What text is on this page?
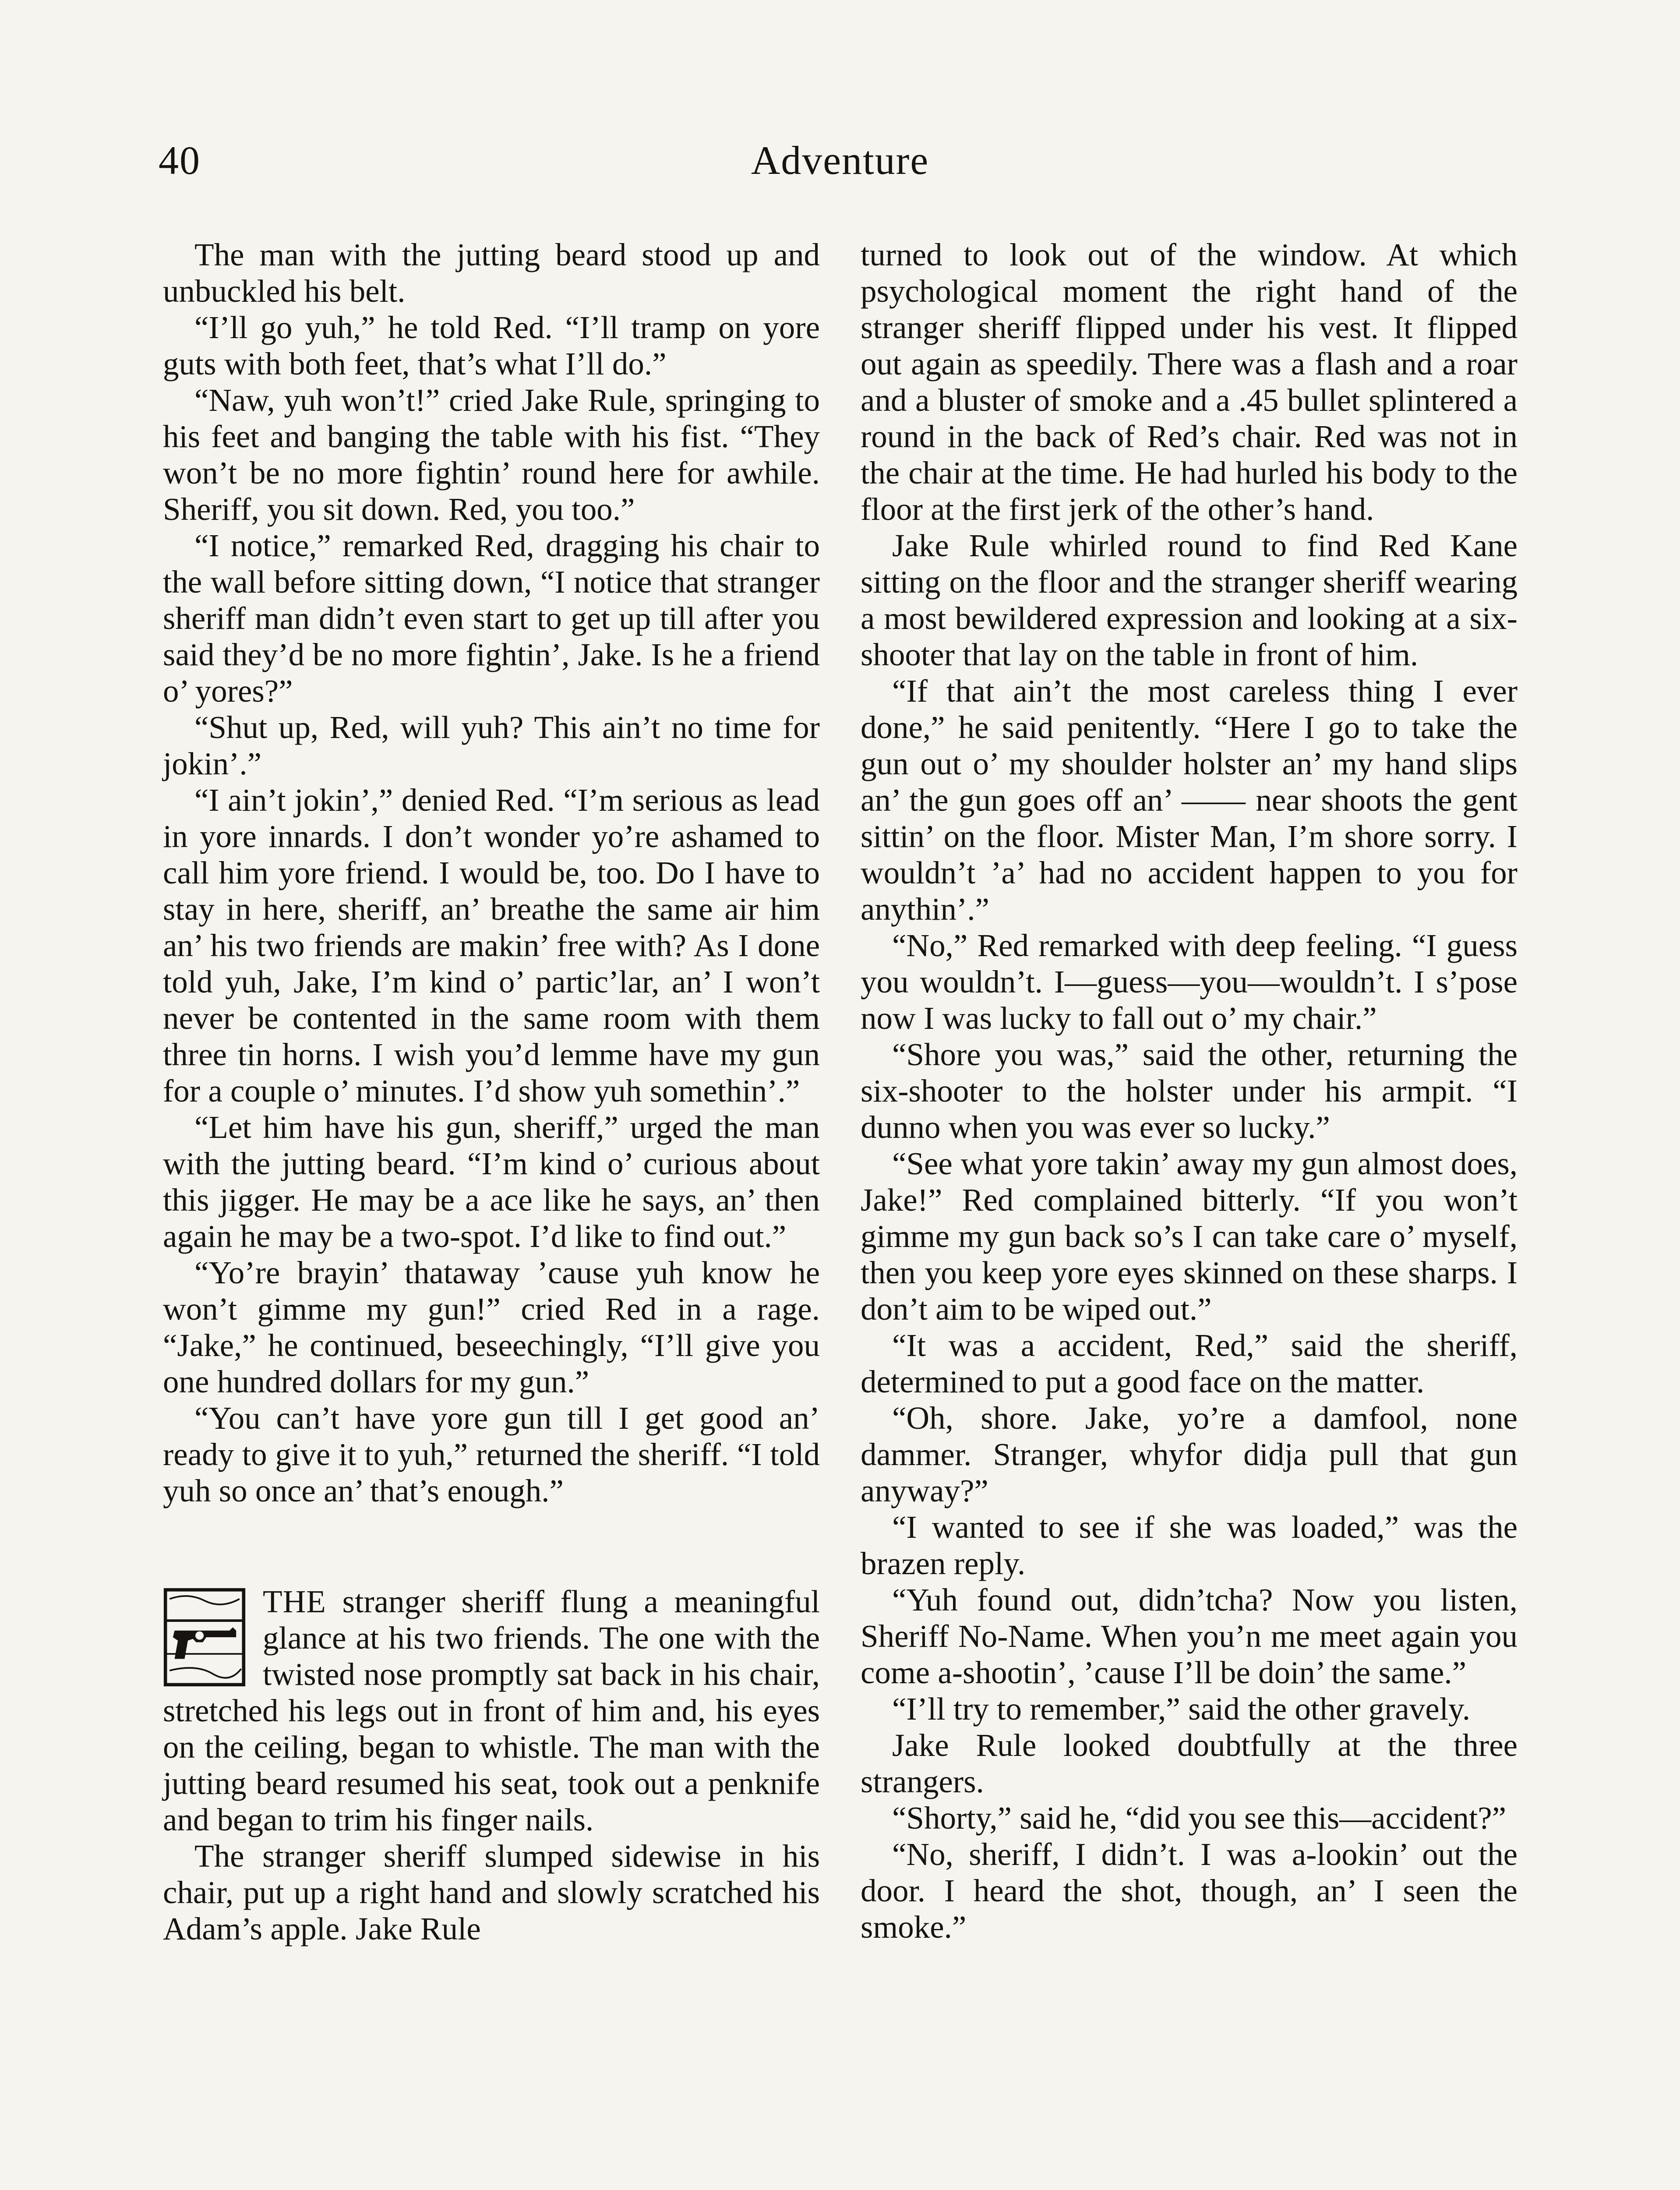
40	Adventure

The man with the jutting beard stood up and unbuckled his belt.

“I’ll go yuh,” he told Red. “I’ll tramp on yore guts with both feet, that’s what I’ll do.”

“Naw, yuh won’t!” cried Jake Rule, springing to his feet and banging the table with his fist. “They won’t be no more fightin’ round here for awhile. Sheriff, you sit down. Red, you too.”

“I notice,” remarked Red, dragging his chair to the wall before sitting down, “I notice that stranger sheriff man didn’t even start to get up till after you said they’d be no more fightin’, Jake. Is he a friend o’ yores?”

“Shut up, Red, will yuh? This ain’t no time for jokin’.”

“I ain’t jokin’,” denied Red. “I’m serious as lead in yore innards. I don’t wonder yo’re ashamed to call him yore friend. I would be, too. Do I have to stay in here, sheriff, an’ breathe the same air him an’ his two friends are makin’ free with? As I done told yuh, Jake, I’m kind o’ partic’lar, an’ I won’t never be contented in the same room with them three tin horns. I wish you’d lemme have my gun for a couple o’ minutes. I’d show yuh somethin’.”

“Let him have his gun, sheriff,” urged the man with the jutting beard. “I’m kind o’ curious about this jigger. He may be a ace like he says, an’ then again he may be a two-spot. I’d like to find out.”

“Yo’re brayin’ thataway ’cause yuh know he won’t gimme my gun!” cried Red in a rage. “Jake,” he continued, beseechingly, “I’ll give you one hundred dollars for my gun.”

“You can’t have yore gun till I get good an’ ready to give it to yuh,” returned the sheriff. “I told yuh so once an’ that’s enough.”

THE stranger sheriff flung a meaningful glance at his two friends. The one with the twisted nose promptly sat back in his chair, stretched his legs out in front of him and, his eyes on the ceiling, began to whistle. The man with the jutting beard resumed his seat, took out a penknife and began to trim his finger nails.

The stranger sheriff slumped sidewise in his chair, put up a right hand and slowly scratched his Adam’s apple. Jake Rule

turned to look out of the window. At which psychological moment the right hand of the stranger sheriff flipped under his vest. It flipped out again as speedily. There was a flash and a roar and a bluster of smoke and a .45 bullet splintered a round in the back of Red’s chair. Red was not in the chair at the time. He had hurled his body to the floor at the first jerk of the other’s hand.

Jake Rule whirled round to find Red Kane sitting on the floor and the stranger sheriff wearing a most bewildered expression and looking at a six-shooter that lay on the table in front of him.

“If that ain’t the most careless thing I ever done,” he said penitently. “Here I go to take the gun out o’ my shoulder holster an’ my hand slips an’ the gun goes off an’ —— near shoots the gent sittin’ on the floor. Mister Man, I’m shore sorry. I wouldn’t ’a’ had no accident happen to you for anythin’.”

“No,” Red remarked with deep feeling. “I guess you wouldn’t. I—guess—you—wouldn’t. I s’pose now I was lucky to fall out o’ my chair.”

“Shore you was,” said the other, returning the six-shooter to the holster under his armpit. “I dunno when you was ever so lucky.”

“See what yore takin’ away my gun almost does, Jake!” Red complained bitterly. “If you won’t gimme my gun back so’s I can take care o’ myself, then you keep yore eyes skinned on these sharps. I don’t aim to be wiped out.”

“It was a accident, Red,” said the sheriff, determined to put a good face on the matter.

“Oh, shore. Jake, yo’re a damfool, none dammer. Stranger, whyfor didja pull that gun anyway?”

“I wanted to see if she was loaded,” was the brazen reply.

“Yuh found out, didn’tcha? Now you listen, Sheriff No-Name. When you’n me meet again you come a-shootin’, ’cause I’ll be doin’ the same.”

“I’ll try to remember,” said the other gravely.

Jake Rule looked doubtfully at the three strangers.

“Shorty,” said he, “did you see this—accident?”

“No, sheriff, I didn’t. I was a-lookin’ out the door. I heard the shot, though, an’ I seen the smoke.”
